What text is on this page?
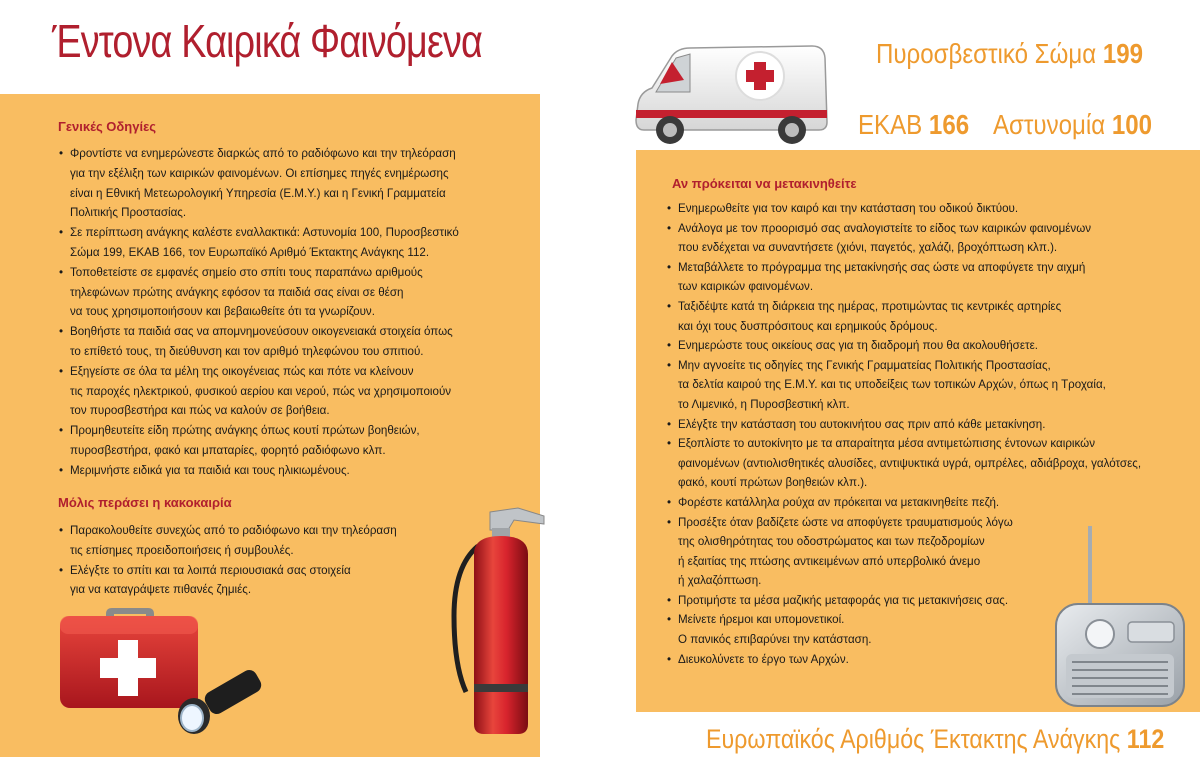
Έντονα Καιρικά Φαινόμενα	Πυροσβεστικό Σώμα 199
ΕΚΑΒ 166 Αστυνομία 100
Ευρωπαϊκός Αριθμός Έκτακτης Ανάγκης 112
Γενικές Οδηγίες
• Φροντίστε να ενημερώνεστε διαρκώς από το ραδιόφωνο και την τηλεόραση
για την εξέλιξη των καιρικών φαινομένων. Οι επίσημες πηγές ενημέρωσης
είναι η Εθνική Μετεωρολογική Υπηρεσία (Ε.Μ.Υ.) και η Γενική Γραμματεία
Πολιτικής Προστασίας.
• Σε περίπτωση ανάγκης καλέστε εναλλακτικά: Αστυνομία 100, Πυροσβεστικό
Σώμα 199, ΕΚΑΒ 166, τον Ευρωπαϊκό Αριθμό Έκτακτης Ανάγκης 112.
• Τοποθετείστε σε εμφανές σημείο στο σπίτι τους παραπάνω αριθμούς
τηλεφώνων πρώτης ανάγκης εφόσον τα παιδιά σας είναι σε θέση
να τους χρησιμοποιήσουν και βεβαιωθείτε ότι τα γνωρίζουν.
• Βοηθήστε τα παιδιά σας να απομνημονεύσουν οικογενειακά στοιχεία όπως
το επίθετό τους, τη διεύθυνση και τον αριθμό τηλεφώνου του σπιτιού.
• Εξηγείστε σε όλα τα μέλη της οικογένειας πώς και πότε να κλείνουν
τις παροχές ηλεκτρικού, φυσικού αερίου και νερού, πώς να χρησιμοποιούν
τον πυροσβεστήρα και πώς να καλούν σε βοήθεια.
• Προμηθευτείτε είδη πρώτης ανάγκης όπως κουτί πρώτων βοηθειών,
πυροσβεστήρα, φακό και μπαταρίες, φορητό ραδιόφωνο κλπ.
• Μεριμνήστε ειδικά για τα παιδιά και τους ηλικιωμένους.
Μόλις περάσει η κακοκαιρία
• Παρακολουθείτε συνεχώς από το ραδιόφωνο και την τηλεόραση
τις επίσημες προειδοποιήσεις ή συμβουλές.
• Ελέγξτε το σπίτι και τα λοιπά περιουσιακά σας στοιχεία
για να καταγράψετε πιθανές ζημιές.
Αν πρόκειται να μετακινηθείτε
• Ενημερωθείτε για τον καιρό και την κατάσταση του οδικού δικτύου.
• Ανάλογα με τον προορισμό σας αναλογιστείτε το είδος των καιρικών φαινομένων
που ενδέχεται να συναντήσετε (χιόνι, παγετός, χαλάζι, βροχόπτωση κλπ.).
• Μεταβάλλετε το πρόγραμμα της μετακίνησής σας ώστε να αποφύγετε την αιχμή
των καιρικών φαινομένων.
• Ταξιδέψτε κατά τη διάρκεια της ημέρας, προτιμώντας τις κεντρικές αρτηρίες
και όχι τους δυσπρόσιτους και ερημικούς δρόμους.
• Ενημερώστε τους οικείους σας για τη διαδρομή που θα ακολουθήσετε.
• Μην αγνοείτε τις οδηγίες της Γενικής Γραμματείας Πολιτικής Προστασίας,
τα δελτία καιρού της Ε.Μ.Υ. και τις υποδείξεις των τοπικών Αρχών, όπως η Τροχαία,
το Λιμενικό, η Πυροσβεστική κλπ.
• Ελέγξτε την κατάσταση του αυτοκινήτου σας πριν από κάθε μετακίνηση.
• Εξοπλίστε το αυτοκίνητο με τα απαραίτητα μέσα αντιμετώπισης έντονων καιρικών
φαινομένων (αντιολισθητικές αλυσίδες, αντιψυκτικά υγρά, ομπρέλες, αδιάβροχα, γαλότσες,
φακό, κουτί πρώτων βοηθειών κλπ.).
• Φορέστε κατάλληλα ρούχα αν πρόκειται να μετακινηθείτε πεζή.
• Προσέξτε όταν βαδίζετε ώστε να αποφύγετε τραυματισμούς λόγω
της ολισθηρότητας του οδοστρώματος και των πεζοδρομίων
ή εξαιτίας της πτώσης αντικειμένων από υπερβολικό άνεμο
ή χαλαζόπτωση.
• Προτιμήστε τα μέσα μαζικής μεταφοράς για τις μετακινήσεις σας.
• Μείνετε ήρεμοι και υπομονετικοί.
Ο πανικός επιβαρύνει την κατάσταση.
• Διευκολύνετε το έργο των Αρχών.
